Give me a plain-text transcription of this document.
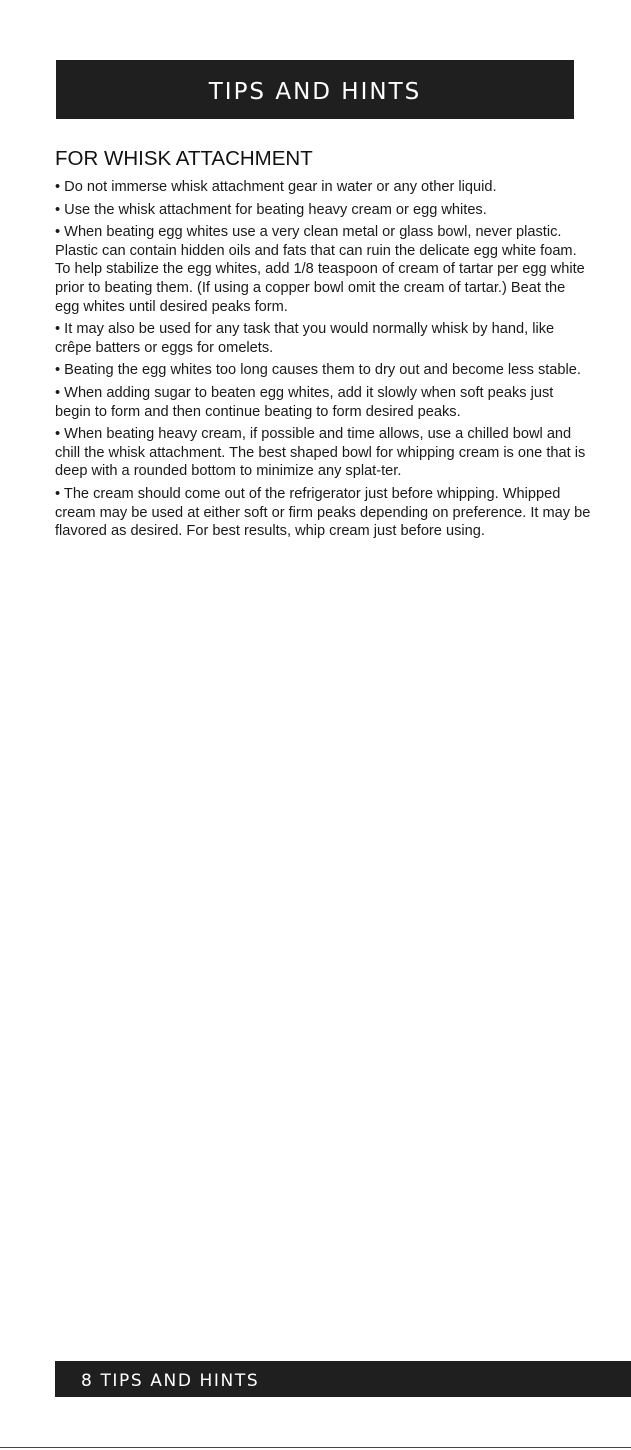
TIPS AND HINTS
FOR WHISK ATTACHMENT

• Do not immerse whisk attachment gear in water or any other liquid.

• Use the whisk attachment for beating heavy cream or egg whites.

• When beating egg whites use a very clean metal or glass bowl, never plastic. Plastic can contain hidden oils and fats that can ruin the delicate egg white foam. To help stabilize the egg whites, add 1/8 teaspoon of cream of tartar per egg white prior to beating them. (If using a copper bowl omit the cream of tartar.) Beat the egg whites until desired peaks form.

• It may also be used for any task that you would normally whisk by hand, like crêpe batters or eggs for omelets.

• Beating the egg whites too long causes them to dry out and become less stable.

• When adding sugar to beaten egg whites, add it slowly when soft peaks just begin to form and then continue beating to form desired peaks.

• When beating heavy cream, if possible and time allows, use a chilled bowl and chill the whisk attachment. The best shaped bowl for whipping cream is one that is deep with a rounded bottom to minimize any splat-ter.

• The cream should come out of the refrigerator just before whipping. Whipped cream may be used at either soft or firm peaks depending on preference. It may be flavored as desired. For best results, whip cream just before using.

8 TIPS AND HINTS
